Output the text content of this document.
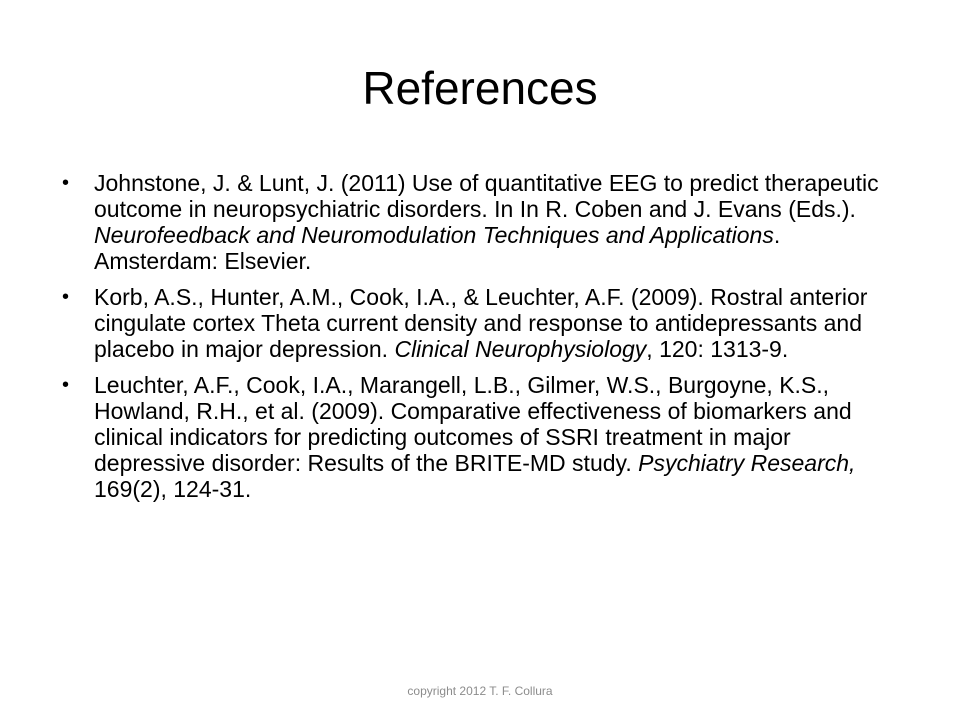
References
• Johnstone, J. & Lunt, J. (2011) Use of quantitative EEG to predict therapeutic outcome in neuropsychiatric disorders. In In R. Coben and J. Evans (Eds.). Neurofeedback and Neuromodulation Techniques and Applications. Amsterdam: Elsevier.
• Korb, A.S., Hunter, A.M., Cook, I.A., & Leuchter, A.F. (2009). Rostral anterior cingulate cortex Theta current density and response to antidepressants and placebo in major depression. Clinical Neurophysiology, 120: 1313-9.
• Leuchter, A.F., Cook, I.A., Marangell, L.B., Gilmer, W.S., Burgoyne, K.S., Howland, R.H., et al. (2009). Comparative effectiveness of biomarkers and clinical indicators for predicting outcomes of SSRI treatment in major depressive disorder: Results of the BRITE-MD study. Psychiatry Research, 169(2), 124-31.
copyright 2012 T. F. Collura
